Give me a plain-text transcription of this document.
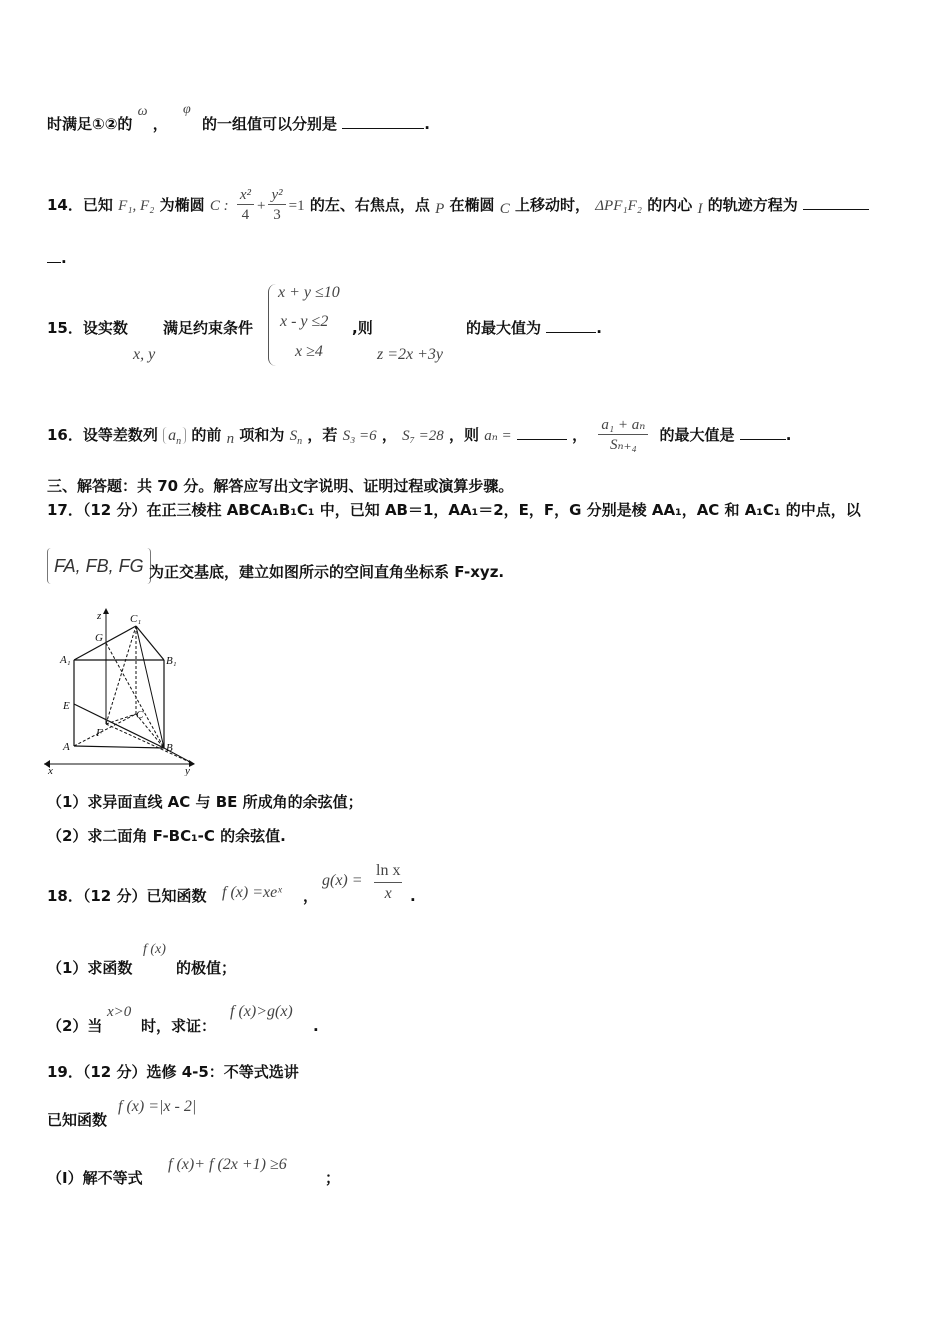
时满足①②的 ω ， φ 的一组值可以分别是	.
14．已知 F₁, F₂ 为椭圆 C : $\frac{\text{x²}}{4} + \frac{\text{y²}}{3} =1$ 的左、右焦点，点 P 在椭圆 C 上移动时， ΔPF₁F₂ 的内心 I 的轨迹方程为
.
15．设实数
x, y
满足约束条件
x + y ≤10
x - y ≤2
x ≥4
,则
z =2x +3y
的最大值为	.
16．设等差数列 $a_n$ 的前 n 项和为 $S_n$ ，若 S₃ =6 ， S₇ =28 ，则 aₙ =	， $\frac{\text{a₁ + aₙ}}{\text{Sₙ₊₄}}$ 的最大值是	.
三、解答题：共 70 分。解答应写出文字说明、证明过程或演算步骤。
17．（12 分）在正三棱柱 ABCA₁B₁C₁ 中，已知 AB＝1，AA₁＝2，E，F，G 分别是棱 AA₁，AC 和 A₁C₁ 的中点，以
FA, FB, FG 为正交基底，建立如图所示的空间直角坐标系 F-xyz.
z
G
C₁
A₁	B₁
E
C
F
A	B
x	y
（1）求异面直线 AC 与 BE 所成角的余弦值；
（2）求二面角 F-BC₁-C 的余弦值.
18．（12 分）已知函数 f (x) =xeˣ ，
$g(x) = \frac{\text{ln x}}{x}$ .
（1）求函数
f (x)
的极值；
（2）当
x>0
时，求证：
f (x)>g(x)
.
19．（12 分）选修 4-5：不等式选讲
已知函数
f (x) =|x - 2|
（Ⅰ）解不等式
f (x)+ f (2x +1) ≥6
；
